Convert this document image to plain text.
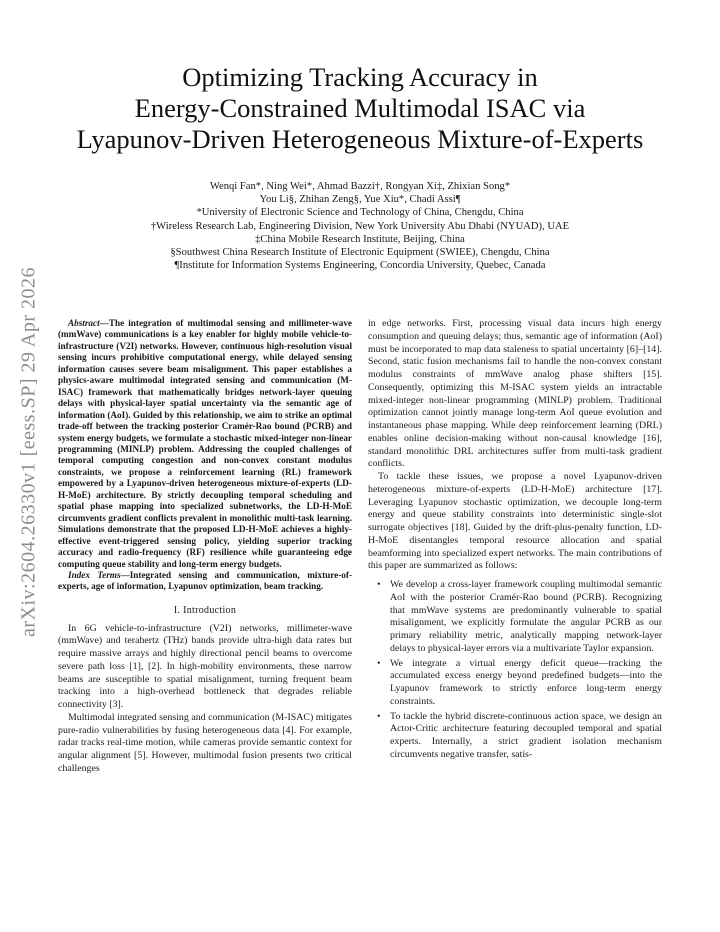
arXiv:2604.26330v1 [eess.SP] 29 Apr 2026
Optimizing Tracking Accuracy in
Energy-Constrained Multimodal ISAC via
Lyapunov-Driven Heterogeneous Mixture-of-Experts
Wenqi Fan*, Ning Wei*, Ahmad Bazzi†, Rongyan Xi‡, Zhixian Song*
You Li§, Zhihan Zeng§, Yue Xiu*, Chadi Assi¶
*University of Electronic Science and Technology of China, Chengdu, China
†Wireless Research Lab, Engineering Division, New York University Abu Dhabi (NYUAD), UAE
‡China Mobile Research Institute, Beijing, China
§Southwest China Research Institute of Electronic Equipment (SWIEE), Chengdu, China
¶Institute for Information Systems Engineering, Concordia University, Quebec, Canada

Abstract—The integration of multimodal sensing and millimeter-wave (mmWave) communications is a key enabler for highly mobile vehicle-to-infrastructure (V2I) networks. However, continuous high-resolution visual sensing incurs prohibitive computational energy, while delayed sensing information causes severe beam misalignment. This paper establishes a physics-aware multimodal integrated sensing and communication (M-ISAC) framework that mathematically bridges network-layer queuing delays with physical-layer spatial uncertainty via the semantic age of information (AoI). Guided by this relationship, we aim to strike an optimal trade-off between the tracking posterior Cramér-Rao bound (PCRB) and system energy budgets, we formulate a stochastic mixed-integer non-linear programming (MINLP) problem. Addressing the coupled challenges of temporal computing congestion and non-convex constant modulus constraints, we propose a reinforcement learning (RL) framework empowered by a Lyapunov-driven heterogeneous mixture-of-experts (LD-H-MoE) architecture. By strictly decoupling temporal scheduling and spatial phase mapping into specialized subnetworks, the LD-H-MoE circumvents gradient conflicts prevalent in monolithic multi-task learning. Simulations demonstrate that the proposed LD-H-MoE achieves a highly-effective event-triggered sensing policy, yielding superior tracking accuracy and radio-frequency (RF) resilience while guaranteeing edge computing queue stability and long-term energy budgets.

Index Terms—Integrated sensing and communication, mixture-of-experts, age of information, Lyapunov optimization, beam tracking.

I. Introduction

In 6G vehicle-to-infrastructure (V2I) networks, millimeter-wave (mmWave) and terahertz (THz) bands provide ultra-high data rates but require massive arrays and highly directional pencil beams to overcome severe path loss [1], [2]. In high-mobility environments, these narrow beams are susceptible to spatial misalignment, turning frequent beam tracking into a high-overhead bottleneck that degrades reliable connectivity [3].

Multimodal integrated sensing and communication (M-ISAC) mitigates pure-radio vulnerabilities by fusing heterogeneous data [4]. For example, radar tracks real-time motion, while cameras provide semantic context for angular alignment [5]. However, multimodal fusion presents two critical challenges

in edge networks. First, processing visual data incurs high energy consumption and queuing delays; thus, semantic age of information (AoI) must be incorporated to map data staleness to spatial uncertainty [6]–[14]. Second, static fusion mechanisms fail to handle the non-convex constant modulus constraints of mmWave analog phase shifters [15]. Consequently, optimizing this M-ISAC system yields an intractable mixed-integer non-linear programming (MINLP) problem. Traditional optimization cannot jointly manage long-term AoI queue evolution and instantaneous phase mapping. While deep reinforcement learning (DRL) enables online decision-making without non-causal knowledge [16], standard monolithic DRL architectures suffer from multi-task gradient conflicts.

To tackle these issues, we propose a novel Lyapunov-driven heterogeneous mixture-of-experts (LD-H-MoE) architecture [17]. Leveraging Lyapunov stochastic optimization, we decouple long-term energy and queue stability constraints into deterministic single-slot surrogate objectives [18]. Guided by the drift-plus-penalty function, LD-H-MoE disentangles temporal resource allocation and spatial beamforming into specialized expert networks. The main contributions of this paper are summarized as follows:

• We develop a cross-layer framework coupling multimodal semantic AoI with the posterior Cramér-Rao bound (PCRB). Recognizing that mmWave systems are predominantly vulnerable to spatial misalignment, we explicitly formulate the angular PCRB as our primary reliability metric, analytically mapping network-layer delays to physical-layer errors via a multivariate Taylor expansion.
• We integrate a virtual energy deficit queue—tracking the accumulated excess energy beyond predefined budgets—into the Lyapunov framework to strictly enforce long-term energy constraints.
• To tackle the hybrid discrete-continuous action space, we design an Actor-Critic architecture featuring decoupled temporal and spatial experts. Internally, a strict gradient isolation mechanism circumvents negative transfer, satis-
